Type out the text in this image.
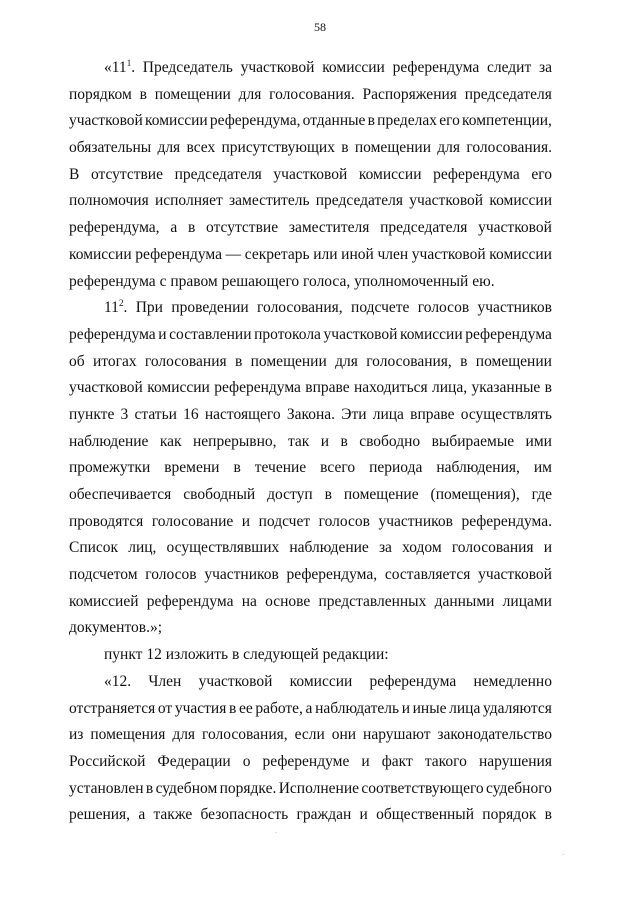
58
«$11^1$. Председатель участковой комиссии референдума следит за
порядком в помещении для голосования. Распоряжения председателя
участковой комиссии референдума, отданные в пределах его компетенции,
обязательны для всех присутствующих в помещении для голосования.
В отсутствие председателя участковой комиссии референдума его
полномочия исполняет заместитель председателя участковой комиссии
референдума, а в отсутствие заместителя председателя участковой
комиссии референдума — секретарь или иной член участковой комиссии
референдума с правом решающего голоса, уполномоченный ею.
$11^2$. При проведении голосования, подсчете голосов участников
референдума и составлении протокола участковой комиссии референдума
об итогах голосования в помещении для голосования, в помещении
участковой комиссии референдума вправе находиться лица, указанные в
пункте 3 статьи 16 настоящего Закона. Эти лица вправе осуществлять
наблюдение как непрерывно, так и в свободно выбираемые ими
промежутки времени в течение всего периода наблюдения, им
обеспечивается свободный доступ в помещение (помещения), где
проводятся голосование и подсчет голосов участников референдума.
Список лиц, осуществлявших наблюдение за ходом голосования и
подсчетом голосов участников референдума, составляется участковой
комиссией референдума на основе представленных данными лицами
документов.»;
пункт 12 изложить в следующей редакции:
«12. Член участковой комиссии референдума немедленно
отстраняется от участия в ее работе, а наблюдатель и иные лица удаляются
из помещения для голосования, если они нарушают законодательство
Российской Федерации о референдуме и факт такого нарушения
установлен в судебном порядке. Исполнение соответствующего судебного
решения, а также безопасность граждан и общественный порядок в
·
·
